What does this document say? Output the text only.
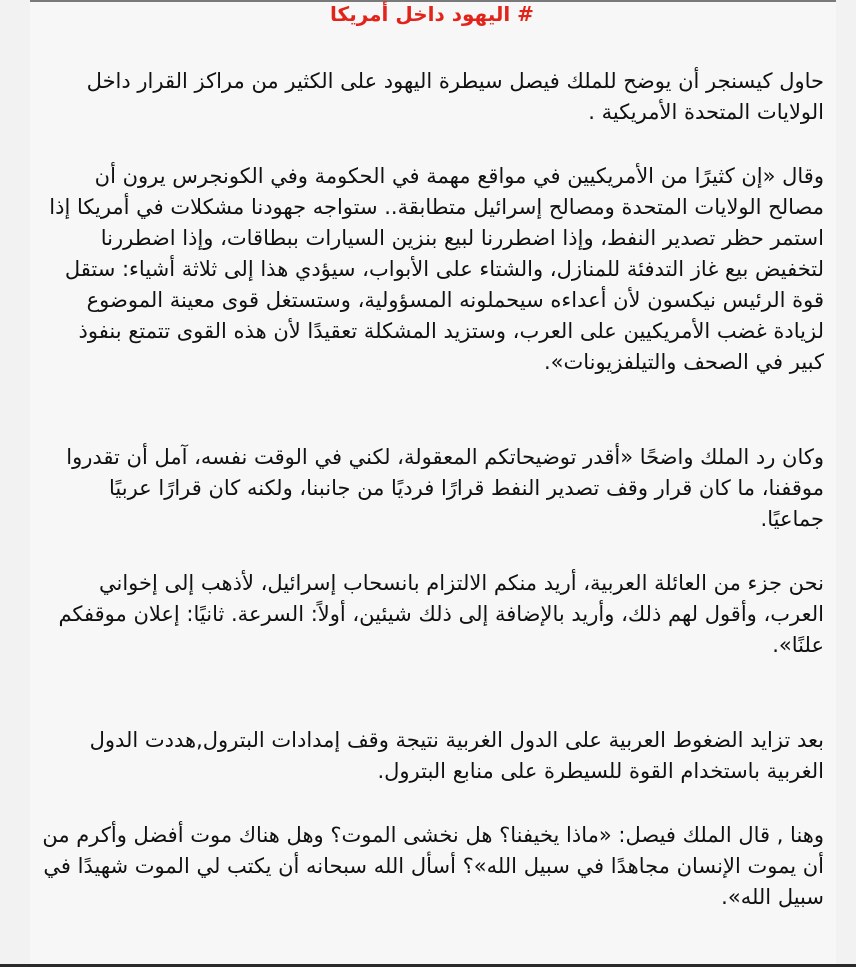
# اليهود داخل أمريكا

حاول كيسنجر أن يوضح للملك فيصل سيطرة اليهود على الكثير من مراكز القرار داخل الولايات المتحدة الأمريكية .

وقال «إن كثيرًا من الأمريكيين في مواقع مهمة في الحكومة وفي الكونجرس يرون أن مصالح الولايات المتحدة ومصالح إسرائيل متطابقة.. ستواجه جهودنا مشكلات في أمريكا إذا استمر حظر تصدير النفط، وإذا اضطررنا لبيع بنزين السيارات ببطاقات، وإذا اضطررنا لتخفيض بيع غاز التدفئة للمنازل، والشتاء على الأبواب، سيؤدي هذا إلى ثلاثة أشياء: ستقل قوة الرئيس نيكسون لأن أعداءه سيحملونه المسؤولية، وستستغل قوى معينة الموضوع لزيادة غضب الأمريكيين على العرب، وستزيد المشكلة تعقيدًا لأن هذه القوى تتمتع بنفوذ كبير في الصحف والتيلفزيونات».

وكان رد الملك واضحًا «أقدر توضيحاتكم المعقولة، لكني في الوقت نفسه، آمل أن تقدروا موقفنا، ما كان قرار وقف تصدير النفط قرارًا فرديًا من جانبنا، ولكنه كان قرارًا عربيًا جماعيًا.

نحن جزء من العائلة العربية، أريد منكم الالتزام بانسحاب إسرائيل، لأذهب إلى إخواني العرب، وأقول لهم ذلك، وأريد بالإضافة إلى ذلك شيئين، أولاً: السرعة. ثانيًا: إعلان موقفكم علنًا».

بعد تزايد الضغوط العربية على الدول الغربية نتيجة وقف إمدادات البترول,هددت الدول الغربية باستخدام القوة للسيطرة على منابع البترول.

وهنا , قال الملك فيصل: «ماذا يخيفنا؟ هل نخشى الموت؟ وهل هناك موت أفضل وأكرم من أن يموت الإنسان مجاهدًا في سبيل الله»؟ أسأل الله سبحانه أن يكتب لي الموت شهيدًا في سبيل الله».
